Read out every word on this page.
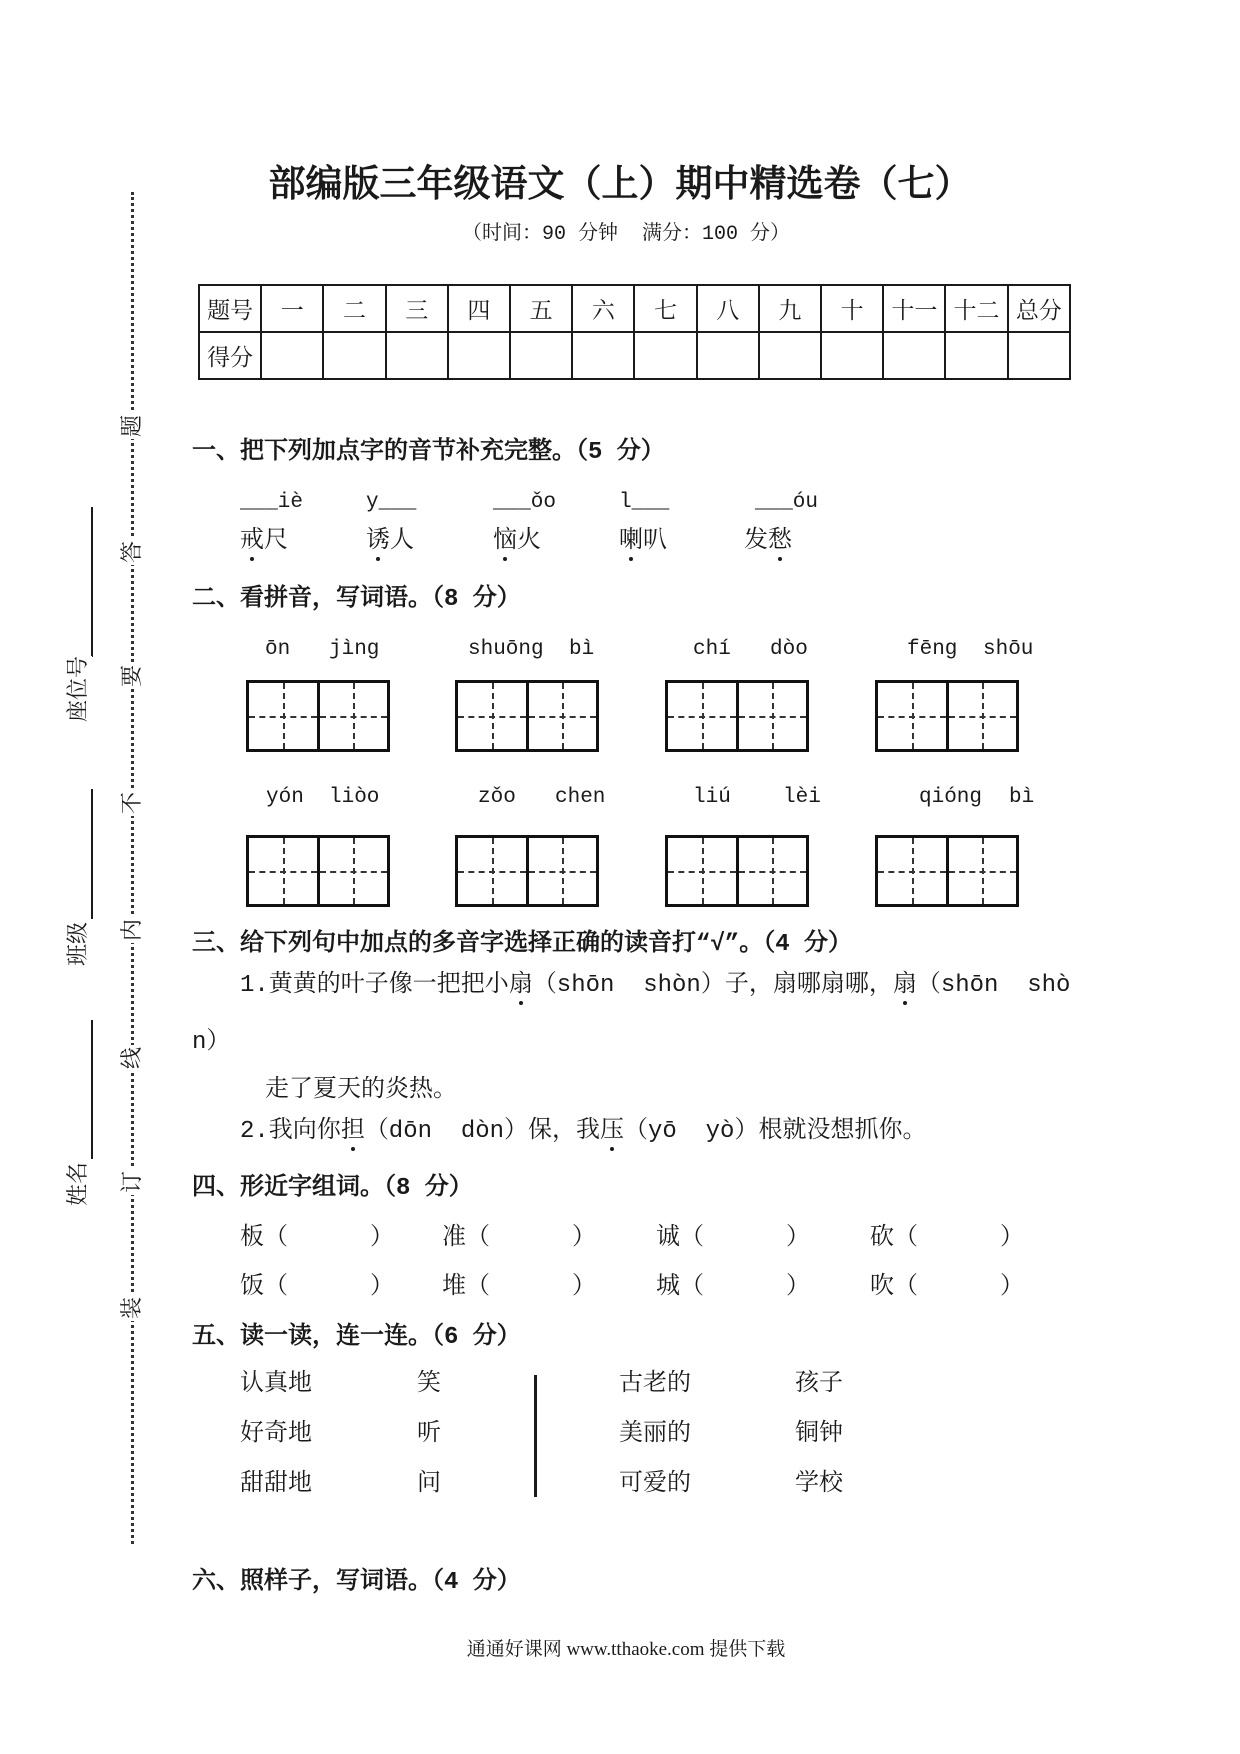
装
订
线
内
不
要
答
题
座位号
班级
姓名
部编版三年级语文（上）期中精选卷（七）
（时间：90 分钟  满分：100 分）
题号	一	二	三	四	五	六	七	八	九	十	十一	十二	总分
得分													
一、把下列加点字的音节补充完整。（5 分）
___iè	y___	___ǒo	l___	___óu
戒尺	诱人	恼火	喇叭	发愁
二、看拼音，写词语。（8 分）
ōn jìng	shuōng bì	chí dòo	fēng shōu
yón liòo	zǒo chen	liú lèi	qióng bì
三、给下列句中加点的多音字选择正确的读音打“√”。（4 分）
1.黄黄的叶子像一把把小扇（shōn  shòn）子，扇哪扇哪，扇（shōn  shò
n）
走了夏天的炎热。
2.我向你担（dōn  dòn）保，我压（yō  yò）根就没想抓你。
四、形近字组词。（8 分）
板（	） 准（	）	诚（	）	砍（	）
饭（	） 堆（	）	城（	）	吹（	）
五、读一读，连一连。（6 分）
认真地	笑	古老的	孩子
好奇地	听	美丽的	铜钟
甜甜地	问	可爱的	学校
六、照样子，写词语。（4 分）
通通好课网 www.tthaoke.com 提供下载
